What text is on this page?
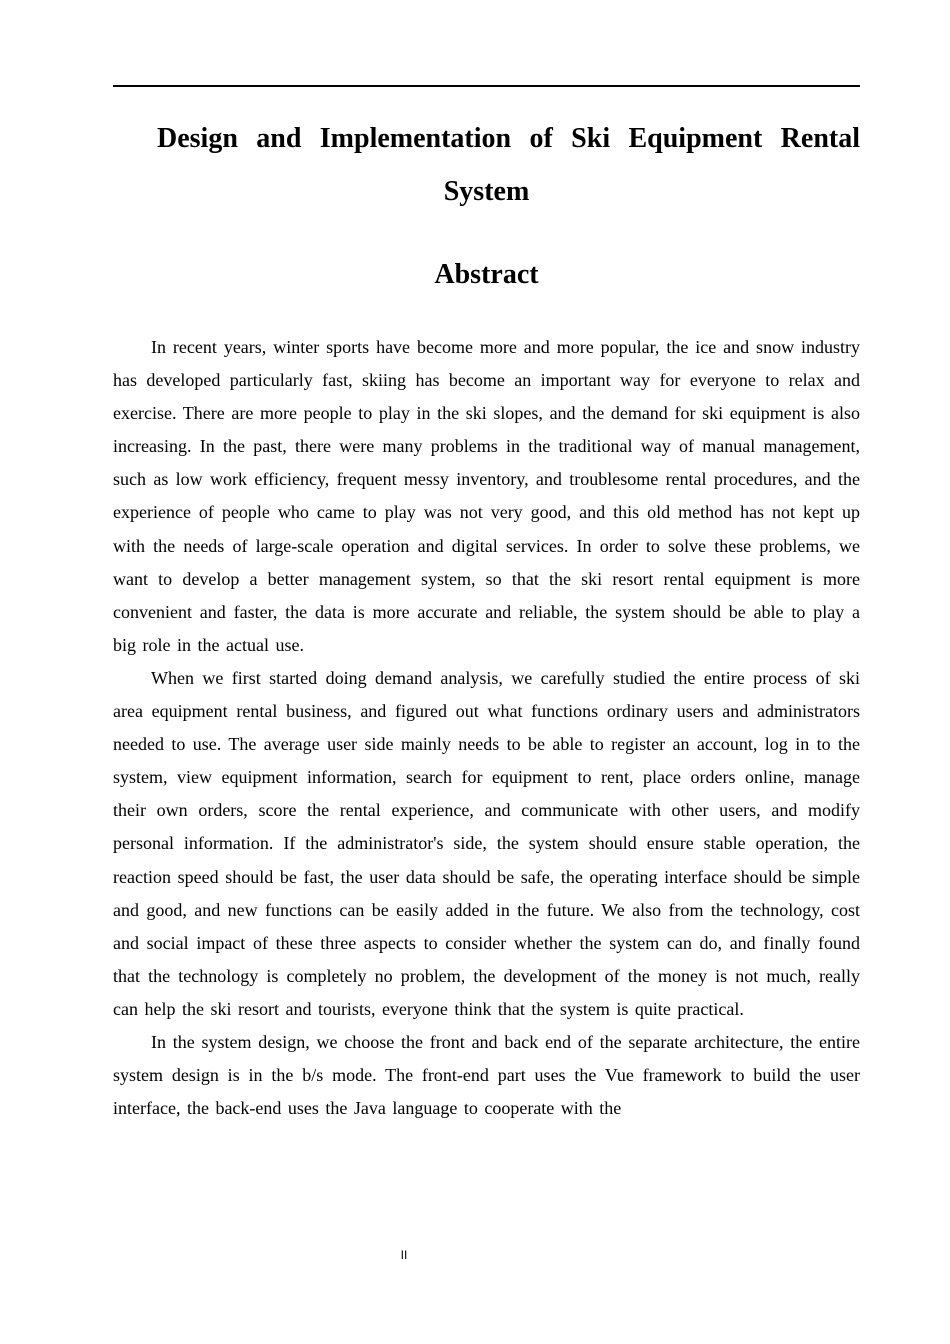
Design and Implementation of Ski Equipment Rental
System
Abstract

In recent years, winter sports have become more and more popular, the ice and snow industry has developed particularly fast, skiing has become an important way for everyone to relax and exercise. There are more people to play in the ski slopes, and the demand for ski equipment is also increasing. In the past, there were many problems in the traditional way of manual management, such as low work efficiency, frequent messy inventory, and troublesome rental procedures, and the experience of people who came to play was not very good, and this old method has not kept up with the needs of large-scale operation and digital services. In order to solve these problems, we want to develop a better management system, so that the ski resort rental equipment is more convenient and faster, the data is more accurate and reliable, the system should be able to play a big role in the actual use.

When we first started doing demand analysis, we carefully studied the entire process of ski area equipment rental business, and figured out what functions ordinary users and administrators needed to use. The average user side mainly needs to be able to register an account, log in to the system, view equipment information, search for equipment to rent, place orders online, manage their own orders, score the rental experience, and communicate with other users, and modify personal information. If the administrator's side, the system should ensure stable operation, the reaction speed should be fast, the user data should be safe, the operating interface should be simple and good, and new functions can be easily added in the future. We also from the technology, cost and social impact of these three aspects to consider whether the system can do, and finally found that the technology is completely no problem, the development of the money is not much, really can help the ski resort and tourists, everyone think that the system is quite practical.

In the system design, we choose the front and back end of the separate architecture, the entire system design is in the b/s mode. The front-end part uses the Vue framework to build the user interface, the back-end uses the Java language to cooperate with the

II
